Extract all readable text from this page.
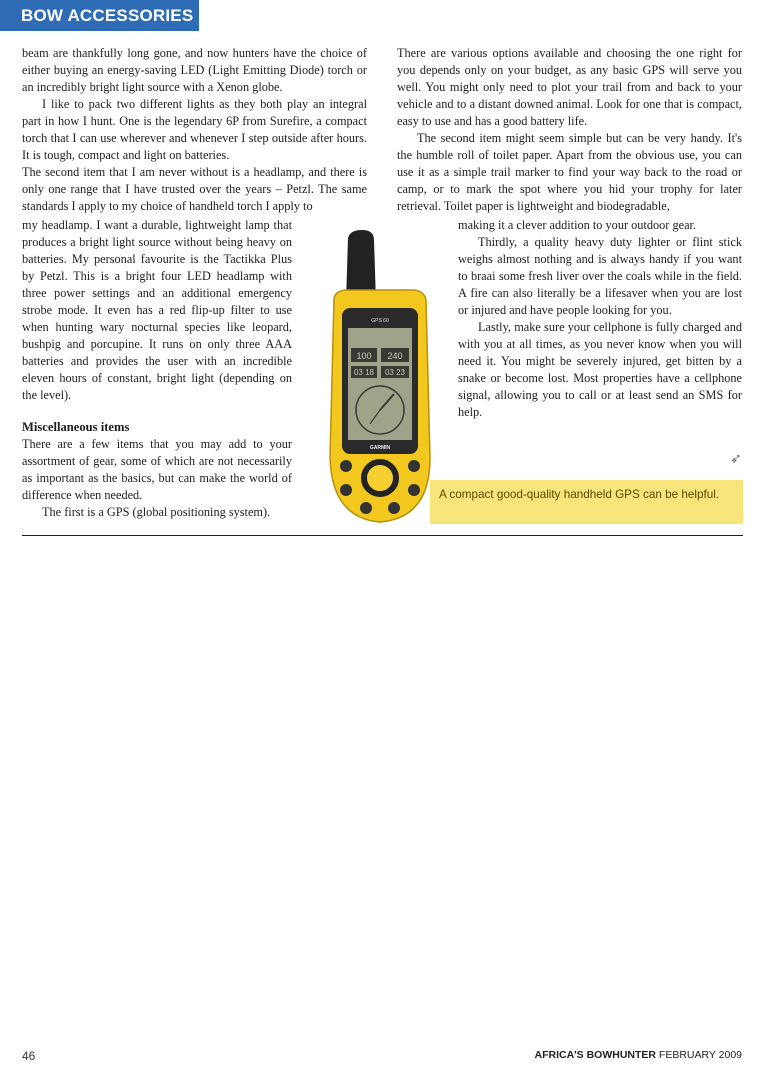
BOW ACCESSORIES

beam are thankfully long gone, and now hunters have the choice of either buying an energy-saving LED (Light Emitting Diode) torch or an incredibly bright light source with a Xenon globe.

I like to pack two different lights as they both play an integral part in how I hunt. One is the legendary 6P from Surefire, a compact torch that I can use wherever and whenever I step outside after hours. It is tough, compact and light on batteries.

The second item that I am never without is a headlamp, and there is only one range that I have trusted over the years – Petzl. The same standards I apply to my choice of handheld torch I apply to

my headlamp. I want a durable, lightweight lamp that produces a bright light source without being heavy on batteries. My personal favourite is the Tactikka Plus by Petzl. This is a bright four LED headlamp with three power settings and an additional emergency strobe mode. It even has a red flip-up filter to use when hunting wary nocturnal species like leopard, bushpig and porcupine. It runs on only three AAA batteries and provides the user with an incredible eleven hours of constant, bright light (depending on the level).

Miscellaneous items

There are a few items that you may add to your assortment of gear, some of which are not necessarily as important as the basics, but can make the world of difference when needed.

The first is a GPS (global positioning system).

There are various options available and choosing the one right for you depends only on your budget, as any basic GPS will serve you well. You might only need to plot your trail from and back to your vehicle and to a distant downed animal. Look for one that is compact, easy to use and has a good battery life.

The second item might seem simple but can be very handy. It's the humble roll of toilet paper. Apart from the obvious use, you can use it as a simple trail marker to find your way back to the road or camp, or to mark the spot where you hid your trophy for later retrieval. Toilet paper is lightweight and biodegradable,

making it a clever addition to your outdoor gear.

Thirdly, a quality heavy duty lighter or flint stick weighs almost nothing and is always handy if you want to braai some fresh liver over the coals while in the field. A fire can also literally be a lifesaver when you are lost or injured and have people looking for you.

Lastly, make sure your cellphone is fully charged and with you at all times, as you never know when you will need it. You might be severely injured, get bitten by a snake or become lost. Most properties have a cellphone signal, allowing you to call or at least send an SMS for help.

GPS 60
100 240
03 18 03 23
GARMIN
A compact good-quality handheld GPS can be helpful.
➶
46	AFRICA'S BOWHUNTER FEBRUARY 2009
